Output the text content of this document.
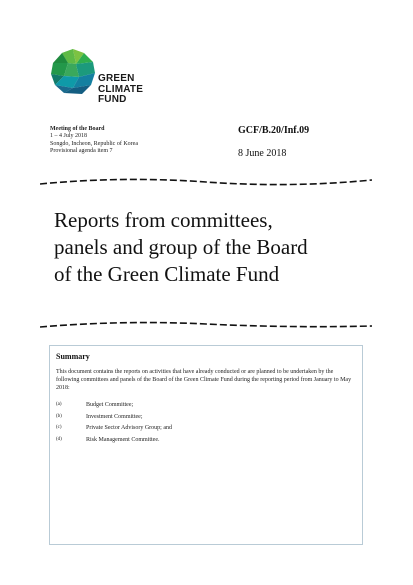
GREEN
CLIMATE
FUND
Meeting of the Board
1 – 4 July 2018
Songdo, Incheon, Republic of Korea
Provisional agenda item 7
GCF/B.20/Inf.09
8 June 2018
Reports from committees,
panels and group of the Board
of the Green Climate Fund
Summary
This document contains the reports on activities that have already conducted or are planned to be undertaken by the following committees and panels of the Board of the Green Climate Fund during the reporting period from January to May 2018:
(a)	Budget Committee;
(b)	Investment Committee;
(c)	Private Sector Advisory Group; and
(d)	Risk Management Committee.
